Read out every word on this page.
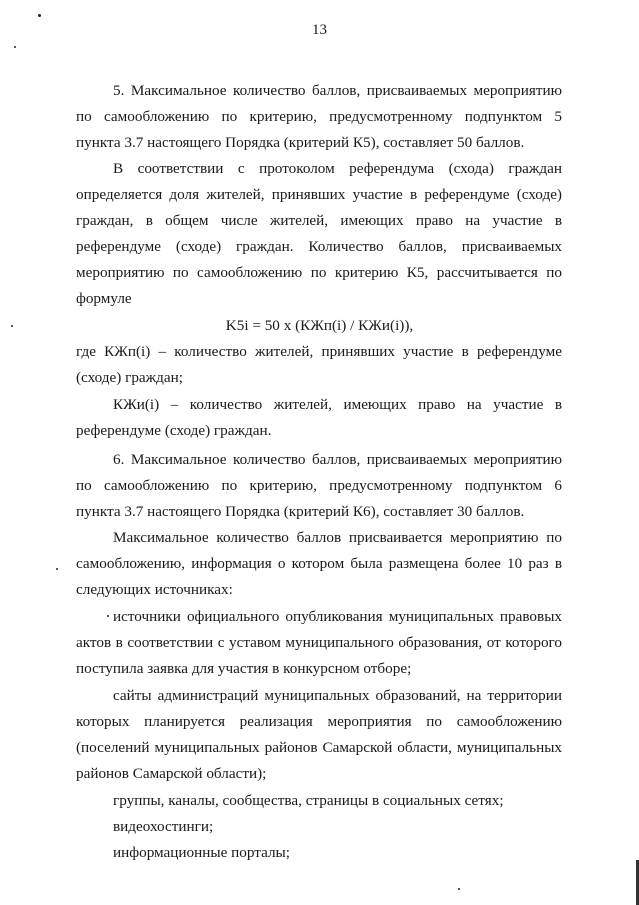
13
5. Максимальное количество баллов, присваиваемых мероприятию
по самообложению по критерию, предусмотренному подпунктом 5
пункта 3.7 настоящего Порядка (критерий К5), составляет 50 баллов.
В соответствии с протоколом референдума (схода) граждан
определяется доля жителей, принявших участие в референдуме (сходе)
граждан, в общем числе жителей, имеющих право на участие в
референдуме (сходе) граждан. Количество баллов, присваиваемых
мероприятию по самообложению по критерию К5, рассчитывается по
формуле
K5i = 50 x (КЖп(i) / КЖи(i)),
где КЖп(i) – количество жителей, принявших участие в референдуме
(сходе) граждан;
КЖи(i) – количество жителей, имеющих право на участие в
референдуме (сходе) граждан.
6. Максимальное количество баллов, присваиваемых мероприятию
по самообложению по критерию, предусмотренному подпунктом 6
пункта 3.7 настоящего Порядка (критерий К6), составляет 30 баллов.
Максимальное количество баллов присваивается мероприятию по
самообложению, информация о котором была размещена более 10 раз в
следующих источниках:
источники официального опубликования муниципальных правовых
актов в соответствии с уставом муниципального образования, от которого
поступила заявка для участия в конкурсном отборе;
сайты администраций муниципальных образований, на территории
которых планируется реализация мероприятия по самообложению
(поселений муниципальных районов Самарской области, муниципальных
районов Самарской области);
группы, каналы, сообщества, страницы в социальных сетях;
видеохостинги;
информационные порталы;
